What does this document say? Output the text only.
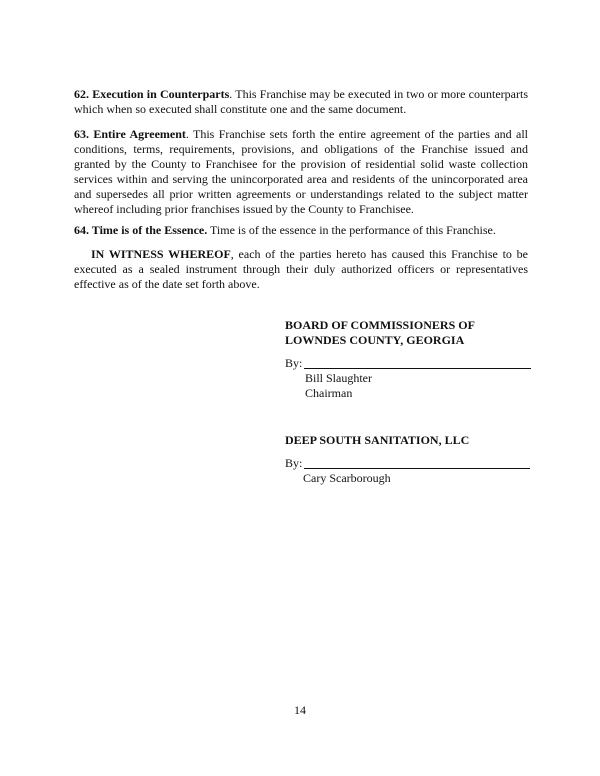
62. Execution in Counterparts. This Franchise may be executed in two or more counterparts which when so executed shall constitute one and the same document.

63. Entire Agreement. This Franchise sets forth the entire agreement of the parties and all conditions, terms, requirements, provisions, and obligations of the Franchise issued and granted by the County to Franchisee for the provision of residential solid waste collection services within and serving the unincorporated area and residents of the unincorporated area and supersedes all prior written agreements or understandings related to the subject matter whereof including prior franchises issued by the County to Franchisee.

64. Time is of the Essence. Time is of the essence in the performance of this Franchise.

IN WITNESS WHEREOF, each of the parties hereto has caused this Franchise to be executed as a sealed instrument through their duly authorized officers or representatives effective as of the date set forth above.

BOARD OF COMMISSIONERS OF
LOWNDES COUNTY, GEORGIA
By:
Bill Slaughter
Chairman
DEEP SOUTH SANITATION, LLC
By:
Cary Scarborough
14
